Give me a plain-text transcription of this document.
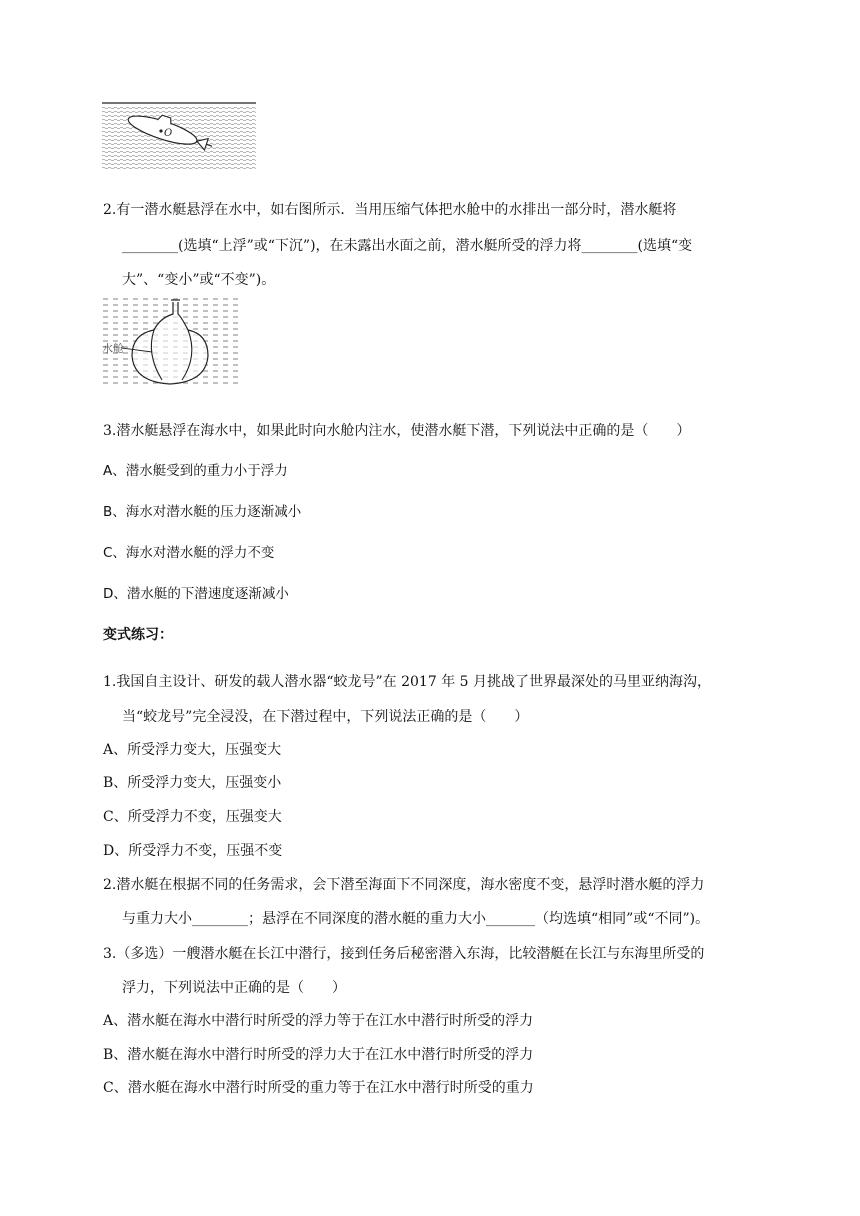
O
2.有一潜水艇悬浮在水中，如右图所示．当用压缩气体把水舱中的水排出一部分时，潜水艇将
________(选填“上浮”或“下沉”)，在未露出水面之前，潜水艇所受的浮力将________(选填“变
大”、“变小”或“不变”)。
水舱
3.潜水艇悬浮在海水中，如果此时向水舱内注水，使潜水艇下潜，下列说法中正确的是（　　）
A、潜水艇受到的重力小于浮力
B、海水对潜水艇的压力逐渐减小
C、海水对潜水艇的浮力不变
D、潜水艇的下潜速度逐渐减小
变式练习：
1.我国自主设计、研发的载人潜水器“蛟龙号”在 2017 年 5 月挑战了世界最深处的马里亚纳海沟，
当“蛟龙号”完全浸没，在下潜过程中，下列说法正确的是（　　）
A、所受浮力变大，压强变大
B、所受浮力变大，压强变小
C、所受浮力不变，压强变大
D、所受浮力不变，压强不变
2.潜水艇在根据不同的任务需求，会下潜至海面下不同深度，海水密度不变，悬浮时潜水艇的浮力
与重力大小________；悬浮在不同深度的潜水艇的重力大小_______（均选填“相同”或“不同”)。
3.（多选）一艘潜水艇在长江中潜行，接到任务后秘密潜入东海，比较潜艇在长江与东海里所受的
浮力，下列说法中正确的是（　　）
A、潜水艇在海水中潜行时所受的浮力等于在江水中潜行时所受的浮力
B、潜水艇在海水中潜行时所受的浮力大于在江水中潜行时所受的浮力
C、潜水艇在海水中潜行时所受的重力等于在江水中潜行时所受的重力
